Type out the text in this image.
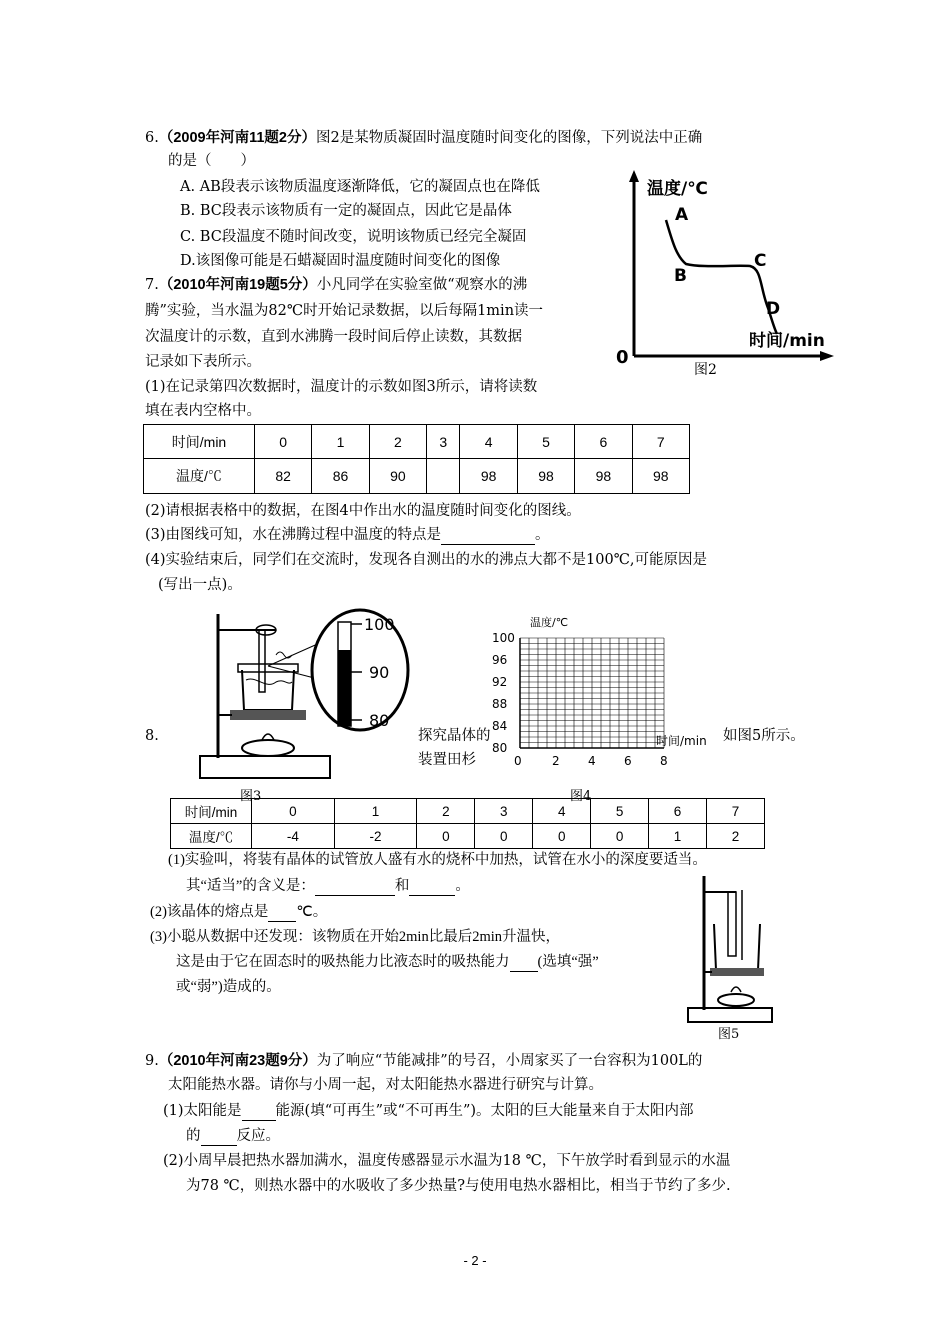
6.（2009年河南11题2分）图2是某物质凝固时温度随时间变化的图像，下列说法中正确
的是（　　）
A. AB段表示该物质温度逐渐降低，它的凝固点也在降低
B. BC段表示该物质有一定的凝固点，因此它是晶体
C. BC段温度不随时间改变，说明该物质已经完全凝固
D.该图像可能是石蜡凝固时温度随时间变化的图像
温度/℃
A
B
C
D
时间/min
0
图2
7.（2010年河南19题5分）小凡同学在实验室做“观察水的沸
腾”实验，当水温为82℃时开始记录数据，以后每隔1min读一
次温度计的示数，直到水沸腾一段时间后停止读数，其数据
记录如下表所示。
(1)在记录第四次数据时，温度计的示数如图3所示，请将读数
填在表内空格中。
时间/min	0	1	2	3	4	5	6	7
温度/℃	82	86	90		98	98	98	98
(2)请根据表格中的数据，在图4中作出水的温度随时间变化的图线。
(3)由图线可知，水在沸腾过程中温度的特点是	。
(4)实验结束后，同学们在交流时，发现各自测出的水的沸点大都不是100℃,可能原因是
(写出一点)。
100
90
80
图3
8.	探究晶体的
装置田杉
如图5所示。
温度/℃
时间/min
100
96
92
88
84
80
0	2 4 6 8
图4
时间/min	0	1	2	3	4	5	6	7
温度/℃	-4	-2	0	0	0	0	1	2
(1)实验叫，将装有晶体的试管放人盛有水的烧杯中加热，试管在水小的深度要适当。
其“适当”的含义是：	和	。
(2)该晶体的熔点是 ℃。
(3)小聪从数据中还发现：该物质在开始2min比最后2min升温快，
这是由于它在固态时的吸热能力比液态时的吸热能力 (选填“强”
或“弱”)造成的。
图5
9.（2010年河南23题9分）为了响应“节能减排”的号召，小周家买了一台容积为100L的
太阳能热水器。请你与小周一起，对太阳能热水器进行研究与计算。
(1)太阳能是 能源(填“可再生”或“不可再生”)。太阳的巨大能量来自于太阳内部
的 反应。
(2)小周早晨把热水器加满水，温度传感器显示水温为18 ℃，下午放学时看到显示的水温
为78 ℃，则热水器中的水吸收了多少热量?与使用电热水器相比，相当于节约了多少.
- 2 -
